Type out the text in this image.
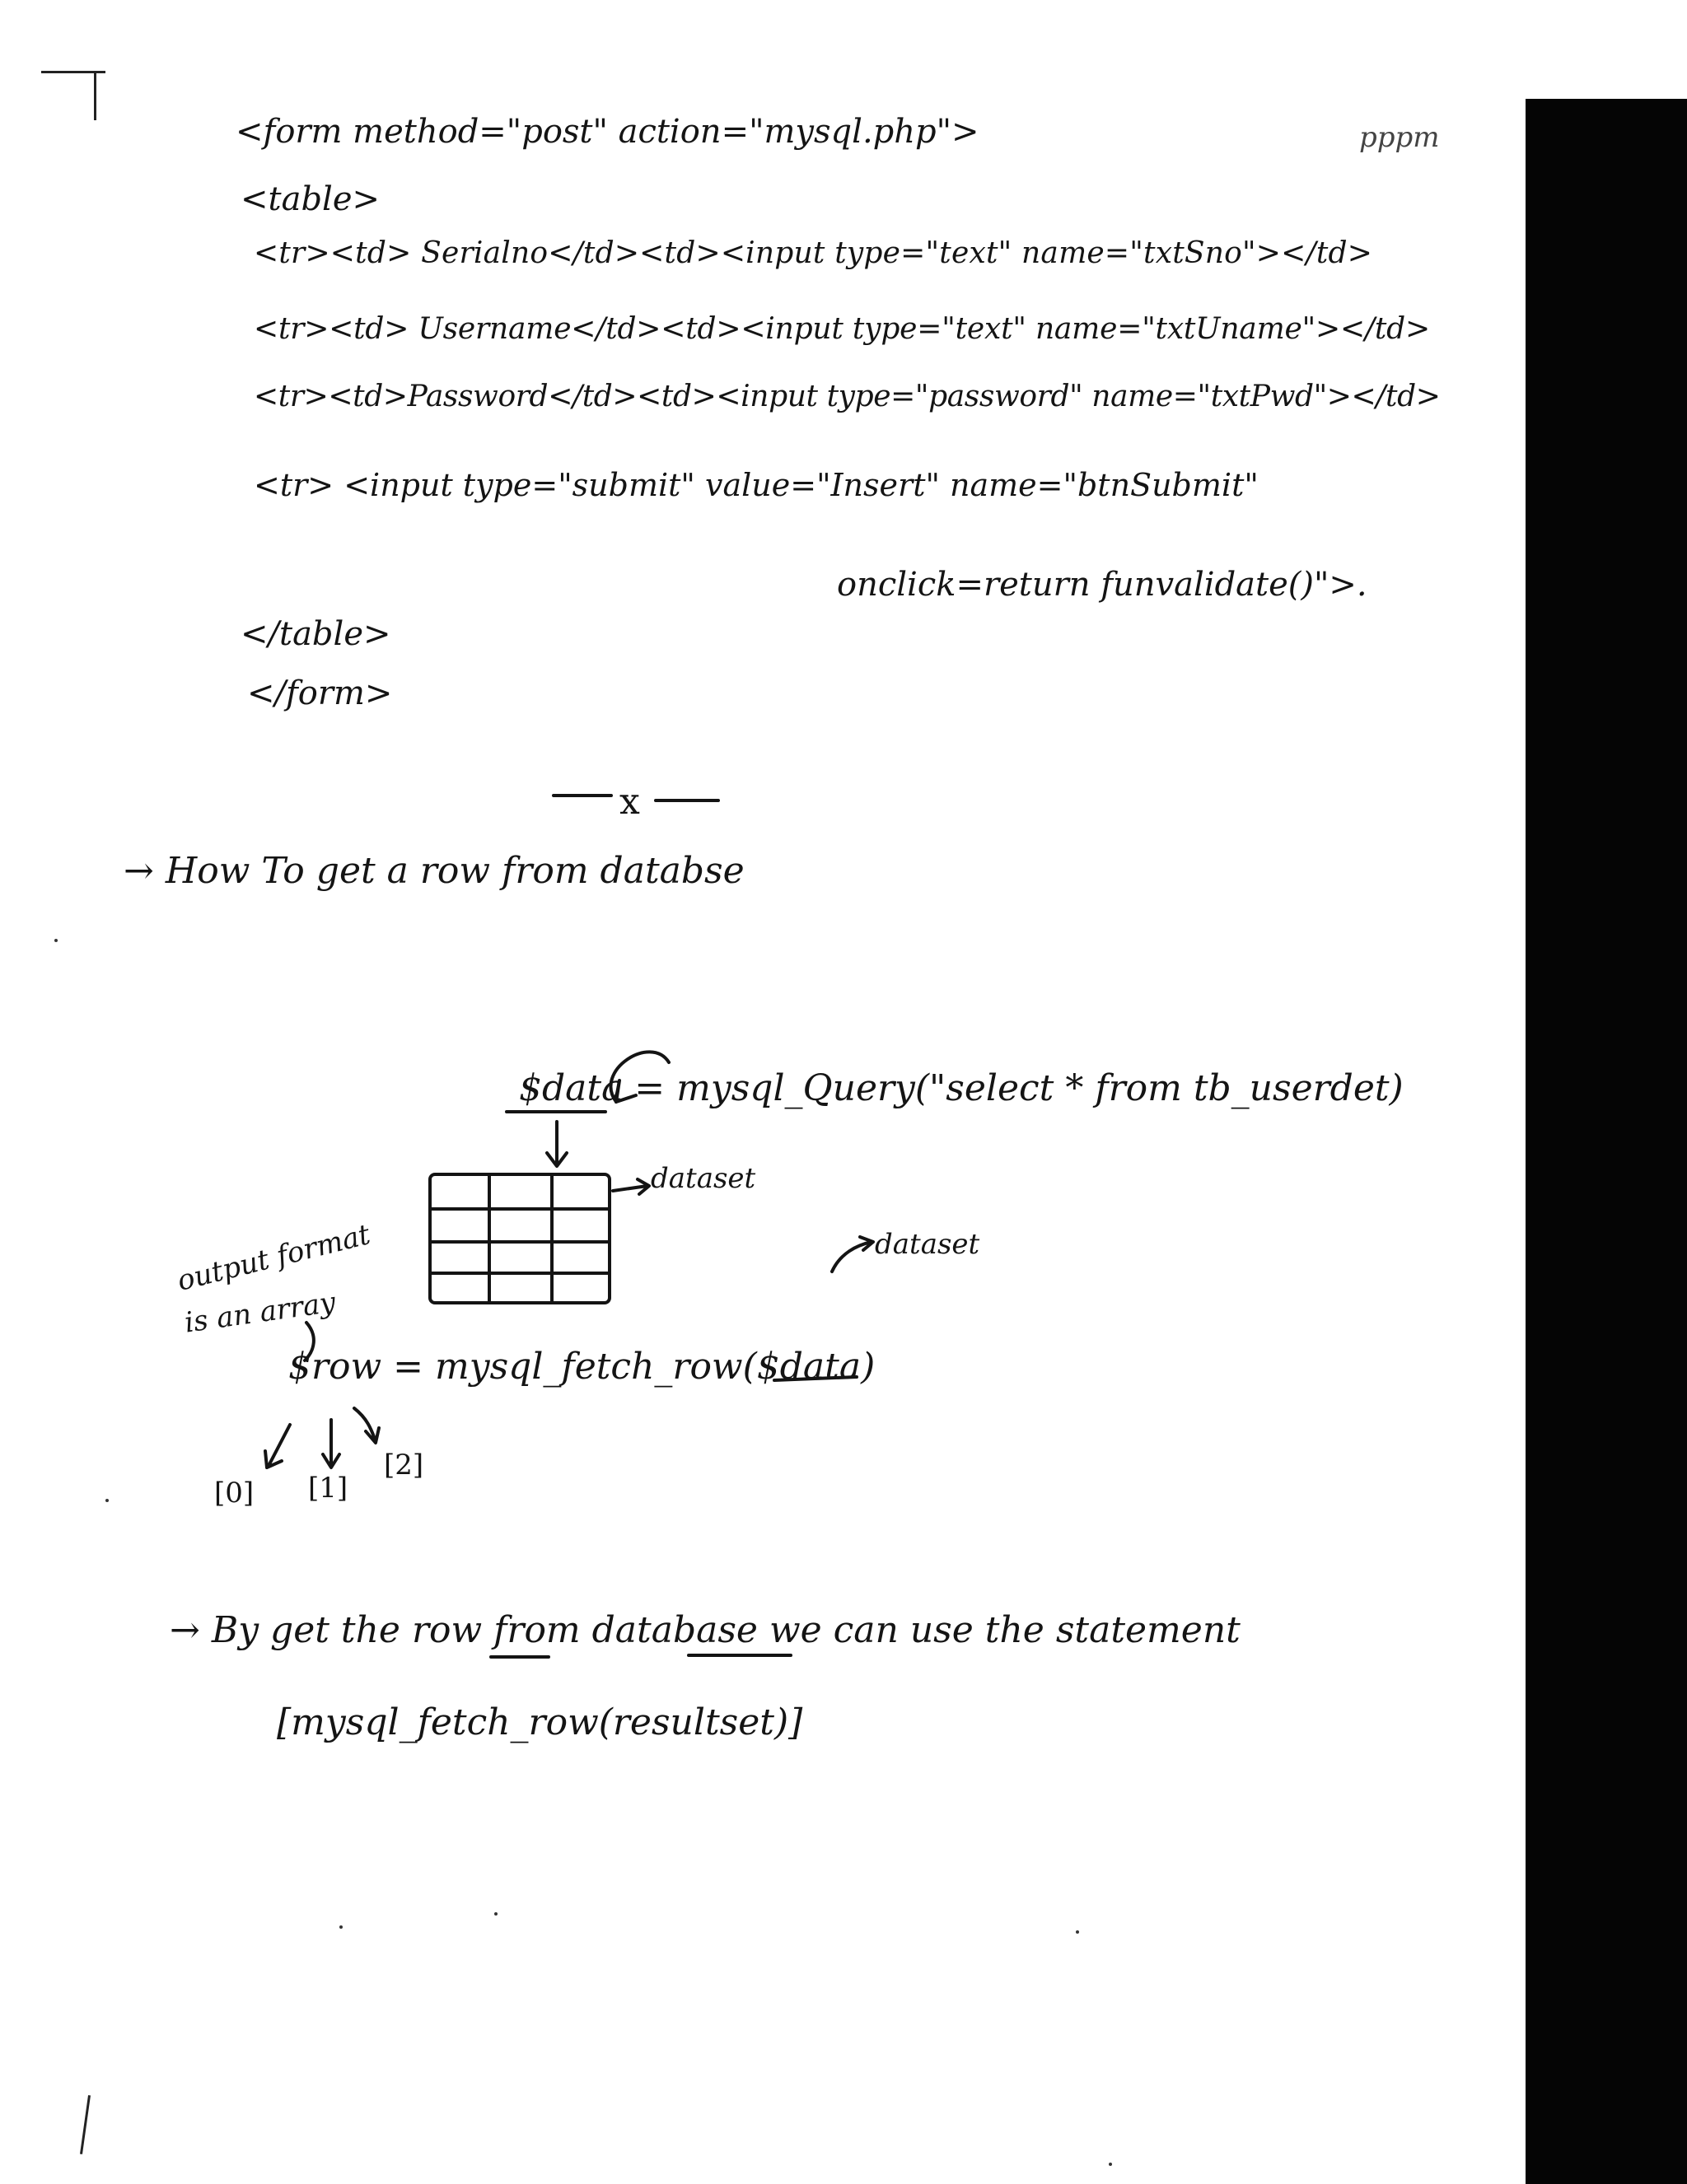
<form method="post" action="mysql.php">	pppm
<table>
<tr><td> Serialno</td><td><input type="text" name="txtSno"></td>
<tr><td> Username</td><td><input type="text" name="txtUname"></td>
<tr><td>Password</td><td><input type="password" name="txtPwd"></td>
<tr> <input type="submit" value="Insert" name="btnSubmit"
onclick=return funvalidate()">.
</table>
</form>
x
→ How To get a row from databse
$data = mysql_Query("select * from tb_userdet)
dataset
dataset
output format
is an array
$row = mysql_fetch_row($data)
[0] [1]
[2]
→ By get the row from database we can use the statement
[mysql_fetch_row(resultset)]
